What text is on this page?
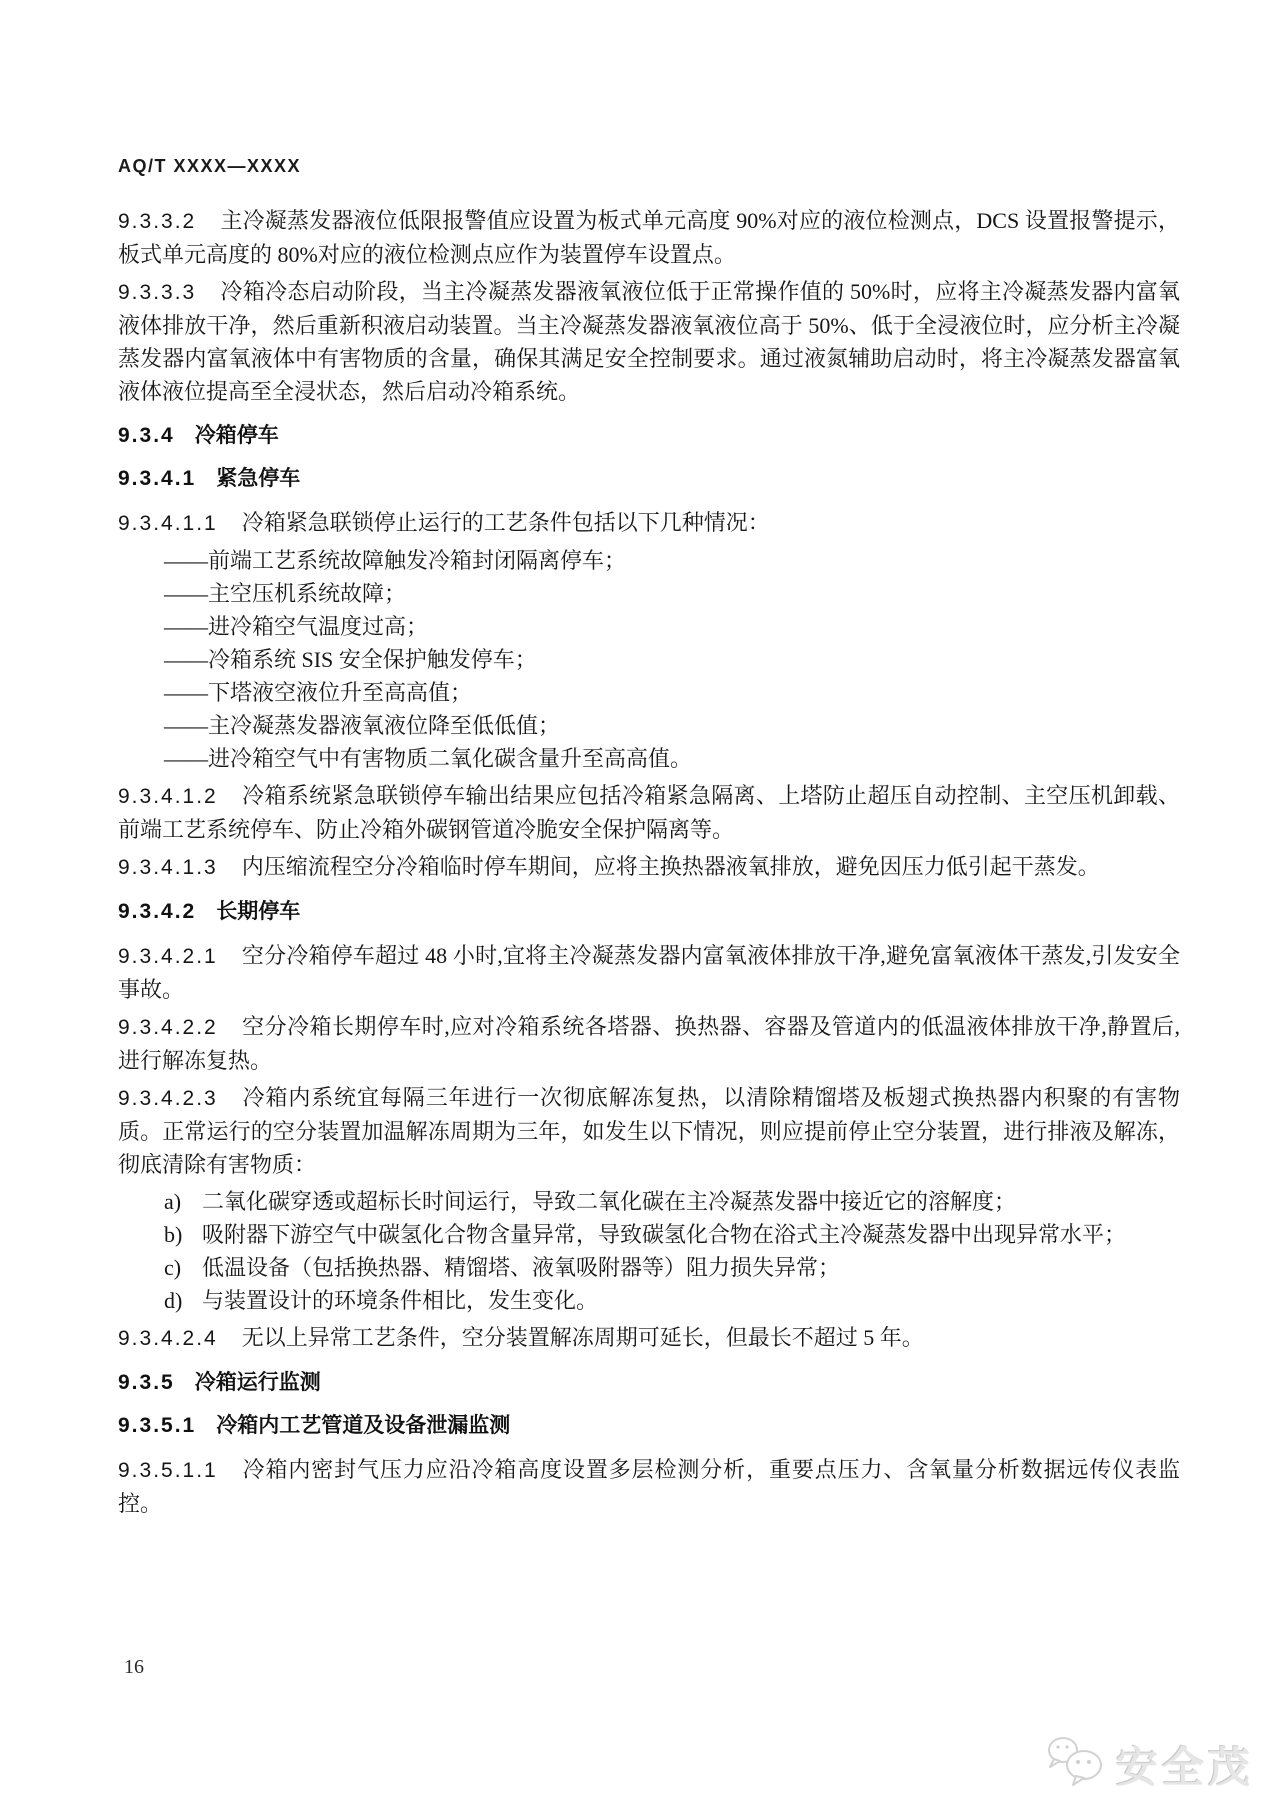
AQ/T XXXX—XXXX

9.3.3.2 主冷凝蒸发器液位低限报警值应设置为板式单元高度 90%对应的液位检测点，DCS 设置报警提示，板式单元高度的 80%对应的液位检测点应作为装置停车设置点。

9.3.3.3 冷箱冷态启动阶段，当主冷凝蒸发器液氧液位低于正常操作值的 50%时，应将主冷凝蒸发器内富氧液体排放干净，然后重新积液启动装置。当主冷凝蒸发器液氧液位高于 50%、低于全浸液位时，应分析主冷凝蒸发器内富氧液体中有害物质的含量，确保其满足安全控制要求。通过液氮辅助启动时，将主冷凝蒸发器富氧液体液位提高至全浸状态，然后启动冷箱系统。

9.3.4 冷箱停车

9.3.4.1 紧急停车

9.3.4.1.1 冷箱紧急联锁停止运行的工艺条件包括以下几种情况：

——前端工艺系统故障触发冷箱封闭隔离停车；

——主空压机系统故障；

——进冷箱空气温度过高；

——冷箱系统 SIS 安全保护触发停车；

——下塔液空液位升至高高值；

——主冷凝蒸发器液氧液位降至低低值；

——进冷箱空气中有害物质二氧化碳含量升至高高值。

9.3.4.1.2 冷箱系统紧急联锁停车输出结果应包括冷箱紧急隔离、上塔防止超压自动控制、主空压机卸载、前端工艺系统停车、防止冷箱外碳钢管道冷脆安全保护隔离等。

9.3.4.1.3 内压缩流程空分冷箱临时停车期间，应将主换热器液氧排放，避免因压力低引起干蒸发。

9.3.4.2 长期停车

9.3.4.2.1 空分冷箱停车超过 48 小时,宜将主冷凝蒸发器内富氧液体排放干净,避免富氧液体干蒸发,引发安全事故。

9.3.4.2.2 空分冷箱长期停车时,应对冷箱系统各塔器、换热器、容器及管道内的低温液体排放干净,静置后,进行解冻复热。

9.3.4.2.3 冷箱内系统宜每隔三年进行一次彻底解冻复热，以清除精馏塔及板翅式换热器内积聚的有害物质。正常运行的空分装置加温解冻周期为三年，如发生以下情况，则应提前停止空分装置，进行排液及解冻，彻底清除有害物质：

a) 二氧化碳穿透或超标长时间运行，导致二氧化碳在主冷凝蒸发器中接近它的溶解度；
b) 吸附器下游空气中碳氢化合物含量异常，导致碳氢化合物在浴式主冷凝蒸发器中出现异常水平；
c) 低温设备（包括换热器、精馏塔、液氧吸附器等）阻力损失异常；
d) 与装置设计的环境条件相比，发生变化。

9.3.4.2.4 无以上异常工艺条件，空分装置解冻周期可延长，但最长不超过 5 年。

9.3.5 冷箱运行监测

9.3.5.1 冷箱内工艺管道及设备泄漏监测

9.3.5.1.1 冷箱内密封气压力应沿冷箱高度设置多层检测分析，重要点压力、含氧量分析数据远传仪表监控。

16
安全茂
